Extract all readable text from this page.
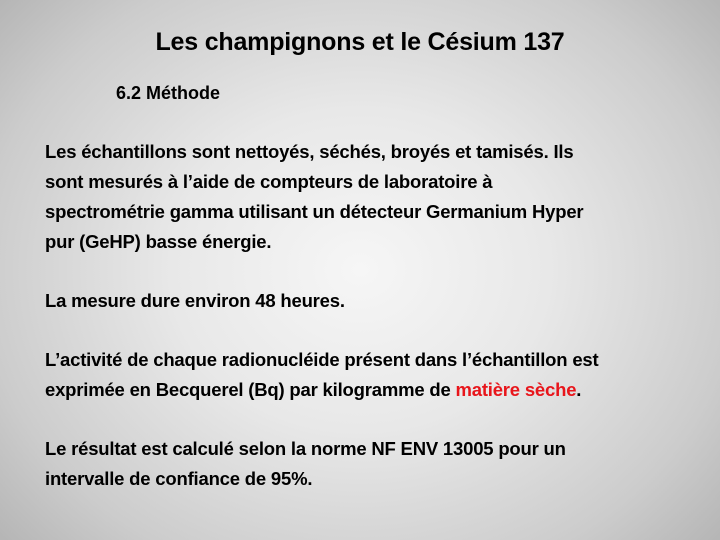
Les champignons et le Césium 137
6.2 Méthode
Les échantillons sont nettoyés, séchés, broyés et tamisés. Ils
sont mesurés à l’aide de compteurs de laboratoire à
spectrométrie gamma utilisant un détecteur Germanium Hyper
pur (GeHP) basse énergie.
La mesure dure environ 48 heures.
L’activité de chaque radionucléide présent dans l’échantillon est
exprimée en Becquerel (Bq) par kilogramme de matière sèche.
Le résultat est calculé selon la norme NF ENV 13005 pour un
intervalle de confiance de 95%.
